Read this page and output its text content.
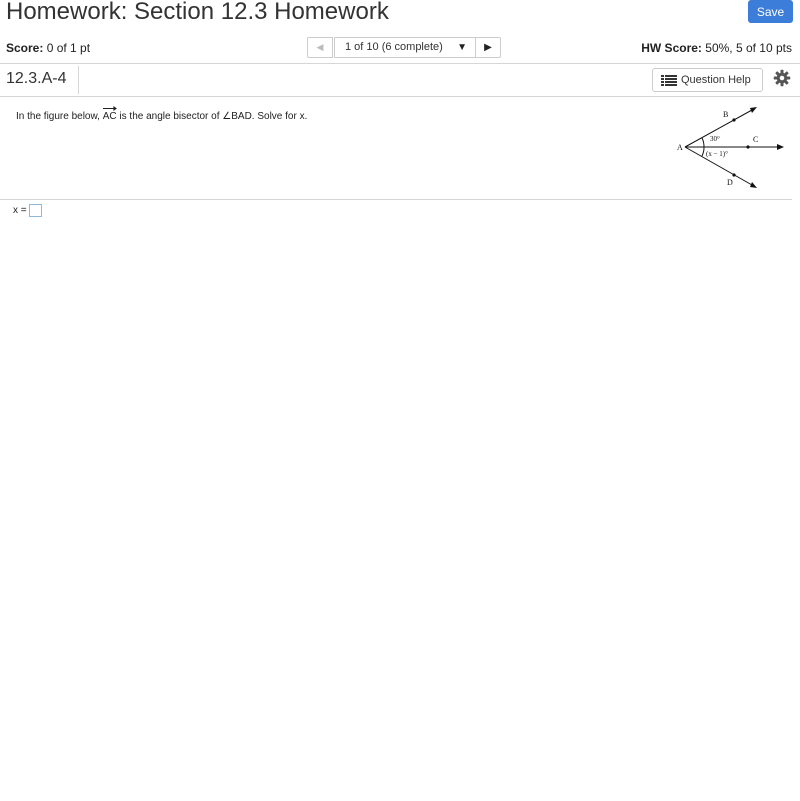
Homework: Section 12.3 Homework	Save
Score: 0 of 1 pt	◀	1 of 10 (6 complete) ▼	▶	HW Score: 50%, 5 of 10 pts
12.3.A-4	Question Help
In the figure below, AC is the angle bisector of ∠BAD. Solve for x.
A
B
C
D
30°
(x − 1)°
x =
